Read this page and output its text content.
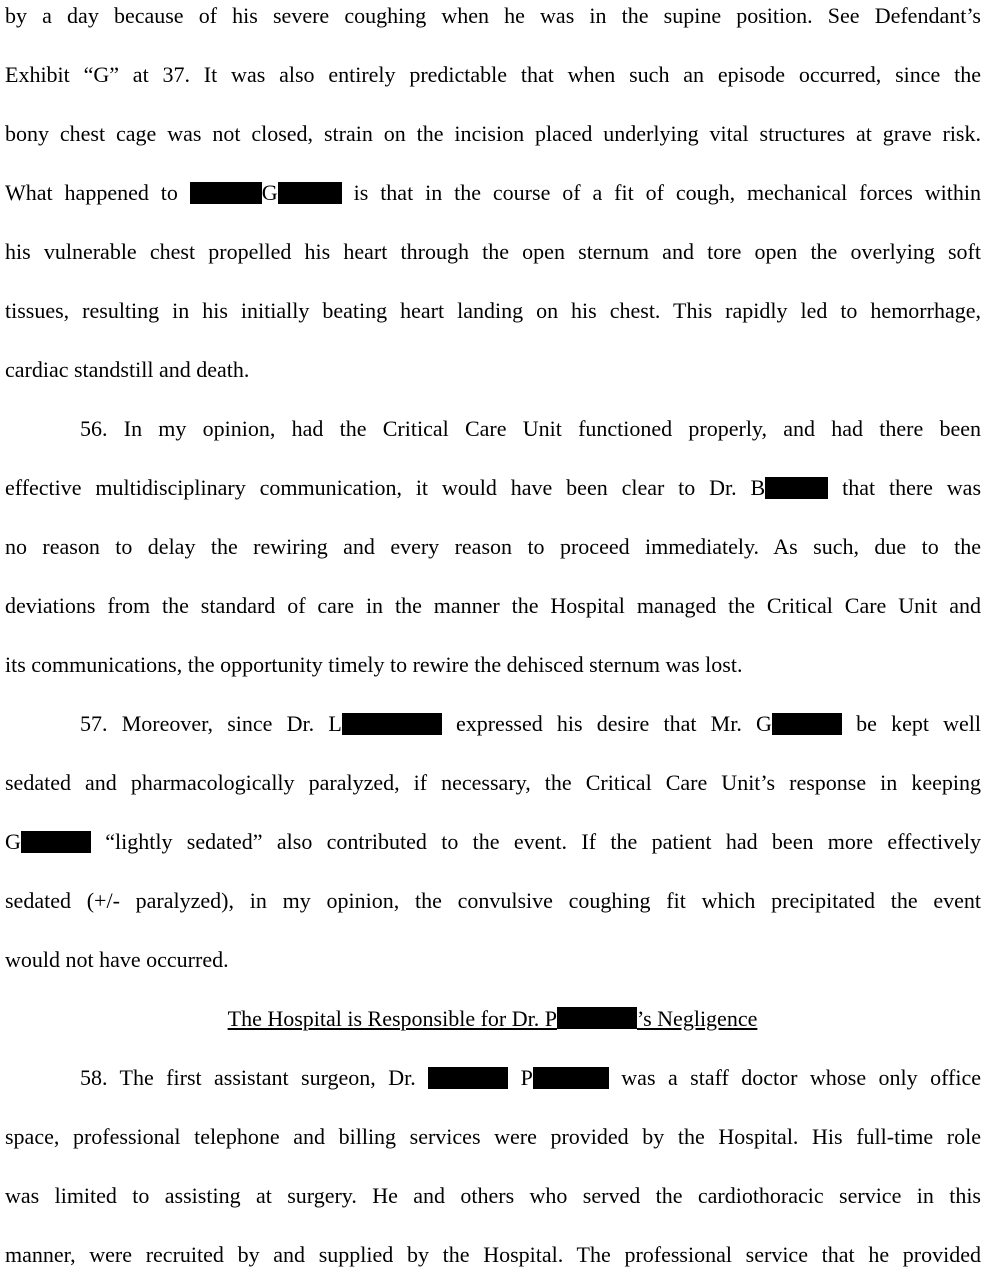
by a day because of his severe coughing when he was in the supine position. See Defendant’s
Exhibit “G” at 37. It was also entirely predictable that when such an episode occurred, since the
bony chest cage was not closed, strain on the incision placed underlying vital structures at grave risk.
What happened to	G	is that in the course of a fit of cough, mechanical forces within
his vulnerable chest propelled his heart through the open sternum and tore open the overlying soft
tissues, resulting in his initially beating heart landing on his chest. This rapidly led to hemorrhage,
cardiac standstill and death.
56. In my opinion, had the Critical Care Unit functioned properly, and had there been
effective multidisciplinary communication, it would have been clear to Dr. B	that there was
no reason to delay the rewiring and every reason to proceed immediately. As such, due to the
deviations from the standard of care in the manner the Hospital managed the Critical Care Unit and
its communications, the opportunity timely to rewire the dehisced sternum was lost.
57. Moreover, since Dr. L	expressed his desire that Mr. G	be kept well
sedated and pharmacologically paralyzed, if necessary, the Critical Care Unit’s response in keeping
G	“lightly sedated” also contributed to the event. If the patient had been more effectively
sedated (+/- paralyzed), in my opinion, the convulsive coughing fit which precipitated the event
would not have occurred.
The Hospital is Responsible for Dr. P	’s Negligence
58. The first assistant surgeon, Dr.	P	was a staff doctor whose only office
space, professional telephone and billing services were provided by the Hospital. His full-time role
was limited to assisting at surgery. He and others who served the cardiothoracic service in this
manner, were recruited by and supplied by the Hospital. The professional service that he provided
